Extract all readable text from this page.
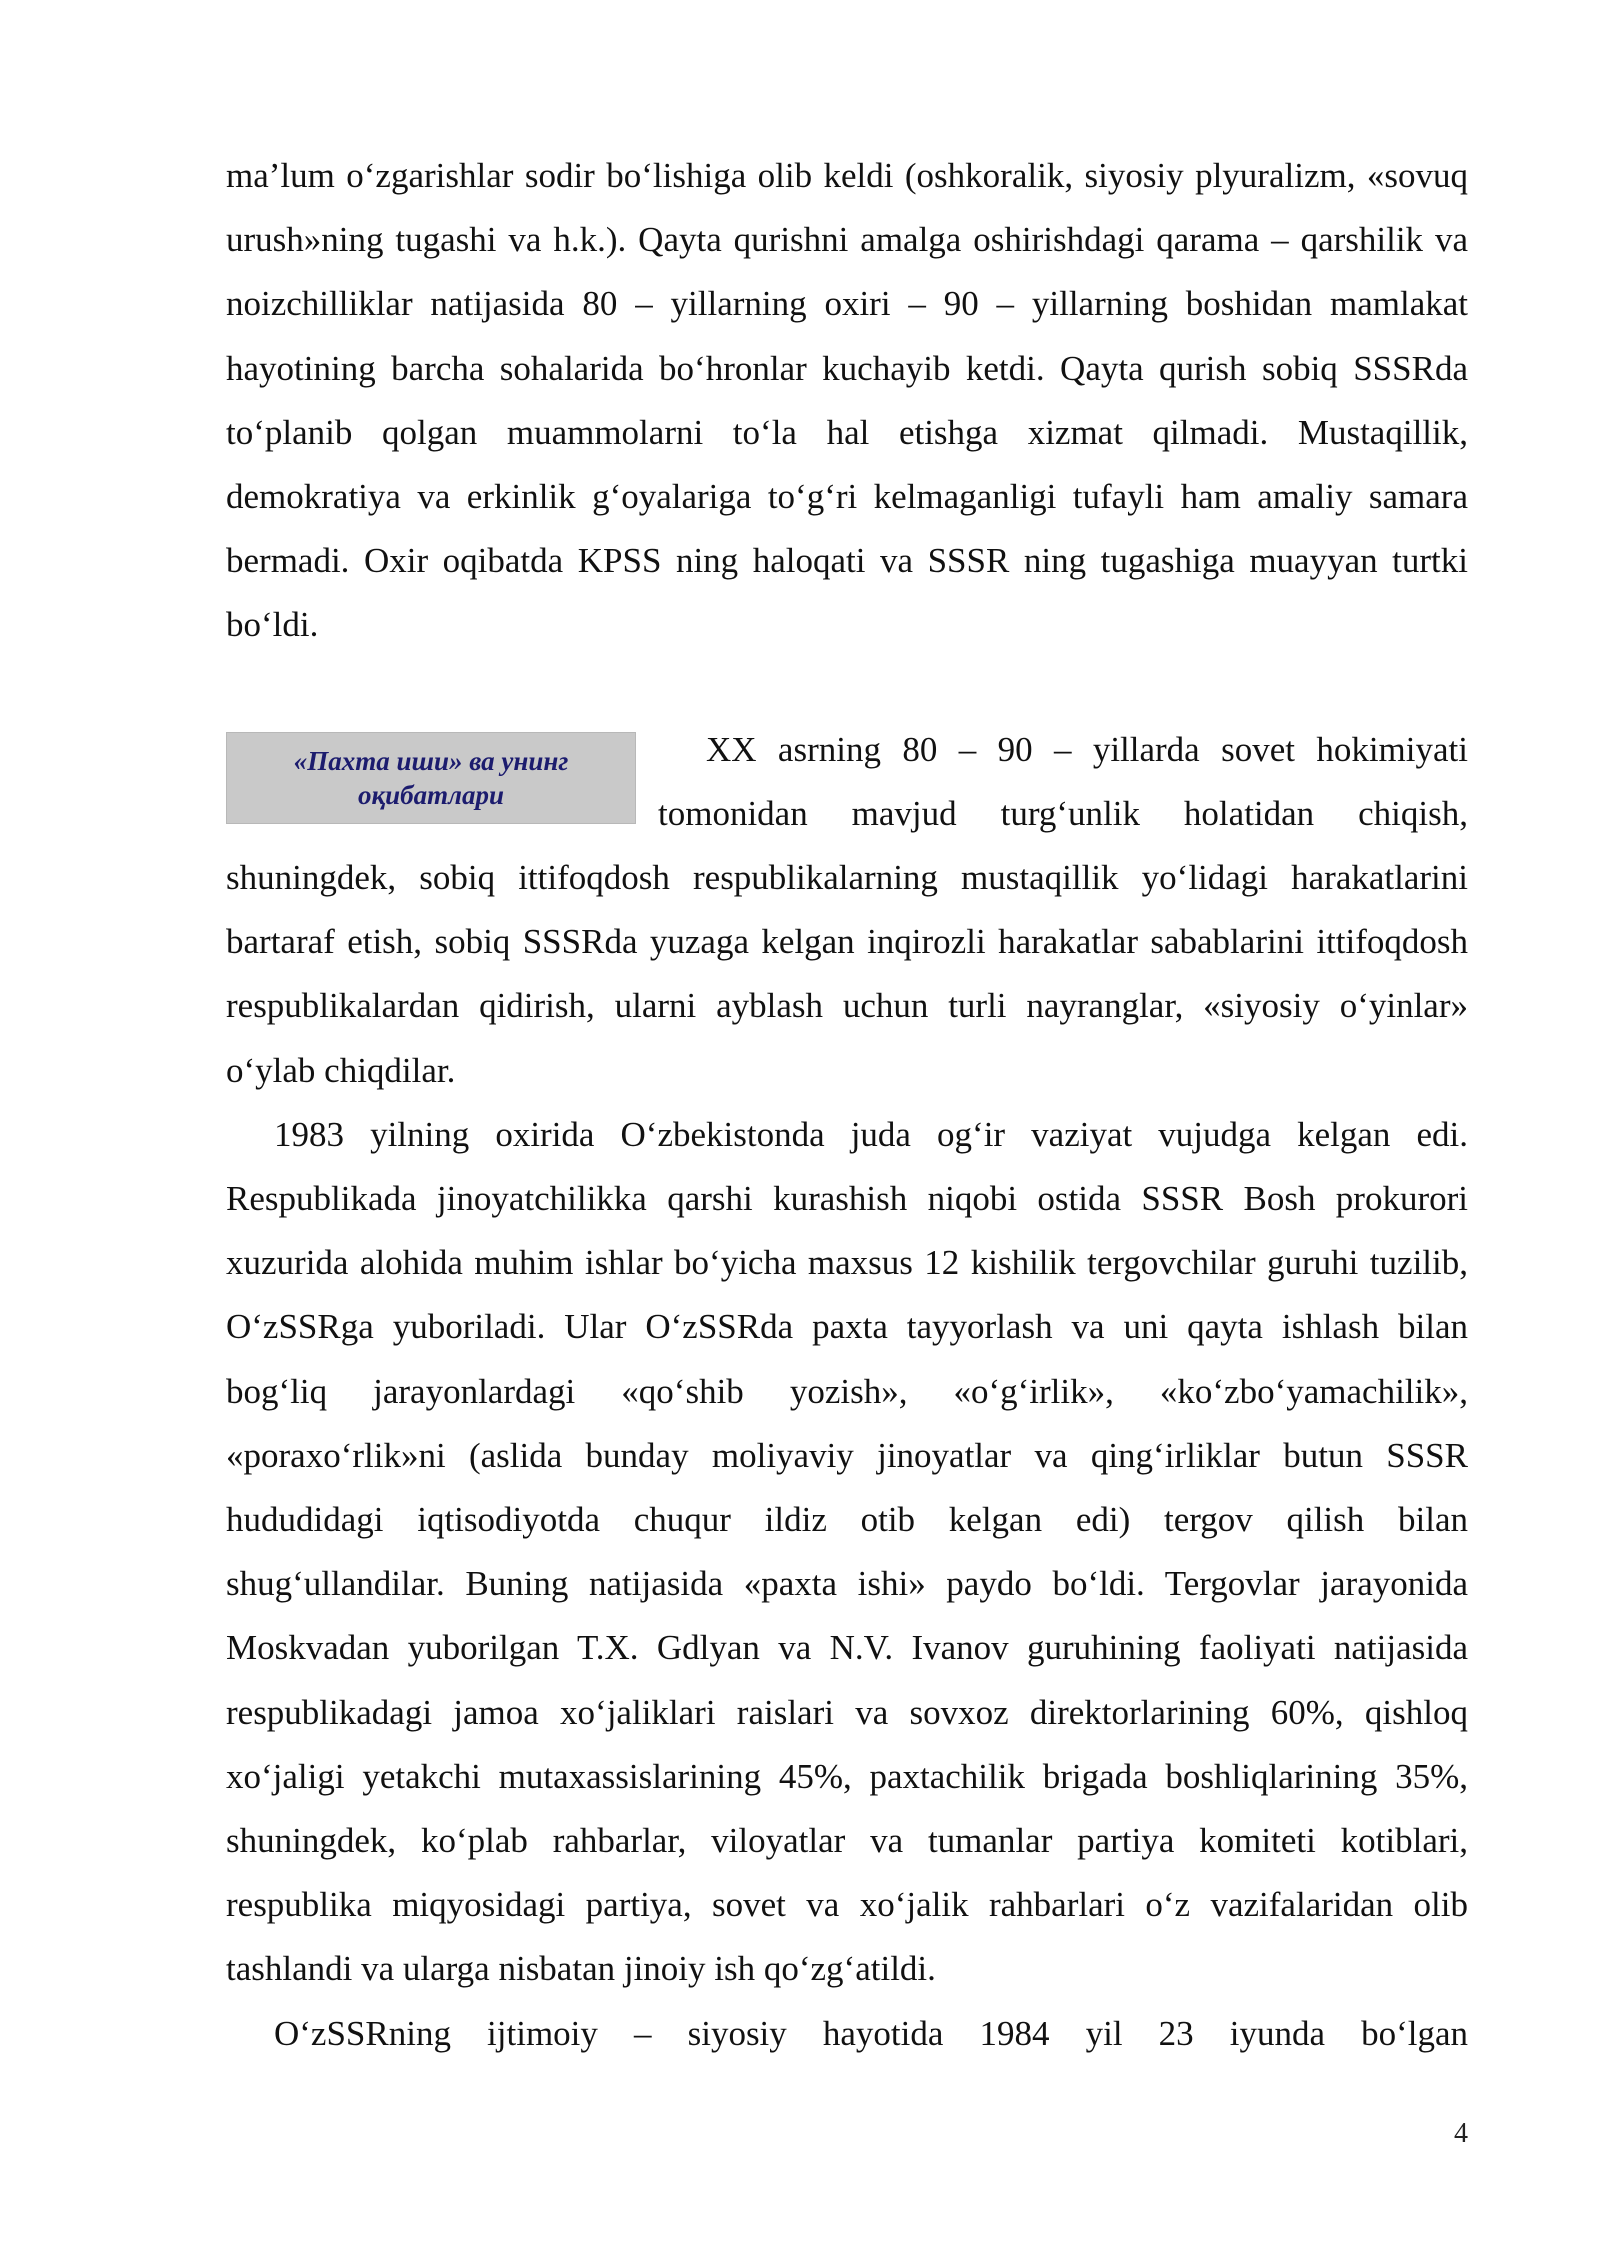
ma’lum o‘zgarishlar sodir bo‘lishiga olib keldi (oshkoralik, siyosiy plyuralizm, «sovuq urush»ning tugashi va h.k.). Qayta qurishni amalga oshirishdagi qarama – qarshilik va noizchilliklar natijasida 80 – yillarning oxiri – 90 – yillarning boshidan mamlakat hayotining barcha sohalarida bo‘hronlar kuchayib ketdi. Qayta qurish sobiq SSSRda to‘planib qolgan muammolarni to‘la hal etishga xizmat qilmadi. Mustaqillik, demokratiya va erkinlik g‘oyalariga to‘g‘ri kelmaganligi tufayli ham amaliy samara bermadi. Oxir oqibatda KPSS ning haloqati va SSSR ning tugashiga muayyan turtki bo‘ldi.

«Пахта иши» ва унинг оқибатлари

XX asrning 80 – 90 – yillarda sovet hokimiyati tomonidan mavjud turg‘unlik holatidan chiqish, shuningdek, sobiq ittifoqdosh respublikalarning mustaqillik yo‘lidagi harakatlarini bartaraf etish, sobiq SSSRda yuzaga kelgan inqirozli harakatlar sabablarini ittifoqdosh respublikalardan qidirish, ularni ayblash uchun turli nayranglar, «siyosiy o‘yinlar» o‘ylab chiqdilar.

1983 yilning oxirida O‘zbekistonda juda og‘ir vaziyat vujudga kelgan edi. Respublikada jinoyatchilikka qarshi kurashish niqobi ostida SSSR Bosh prokurori xuzurida alohida muhim ishlar bo‘yicha maxsus 12 kishilik tergovchilar guruhi tuzilib, O‘zSSRga yuboriladi. Ular O‘zSSRda paxta tayyorlash va uni qayta ishlash bilan bog‘liq jarayonlardagi «qo‘shib yozish», «o‘g‘irlik», «ko‘zbo‘yamachilik», «poraxo‘rlik»ni (aslida bunday moliyaviy jinoyatlar va qing‘irliklar butun SSSR hududidagi iqtisodiyotda chuqur ildiz otib kelgan edi) tergov qilish bilan shug‘ullandilar. Buning natijasida «paxta ishi» paydo bo‘ldi. Tergovlar jarayonida Moskvadan yuborilgan T.X. Gdlyan va N.V. Ivanov guruhining faoliyati natijasida respublikadagi jamoa xo‘jaliklari raislari va sovxoz direktorlarining 60%, qishloq xo‘jaligi yetakchi mutaxassislarining 45%, paxtachilik brigada boshliqlarining 35%, shuningdek, ko‘plab rahbarlar, viloyatlar va tumanlar partiya komiteti kotiblari, respublika miqyosidagi partiya, sovet va xo‘jalik rahbarlari o‘z vazifalaridan olib tashlandi va ularga nisbatan jinoiy ish qo‘zg‘atildi.

O‘zSSRning ijtimoiy – siyosiy hayotida 1984 yil 23 iyunda bo‘lgan

4
